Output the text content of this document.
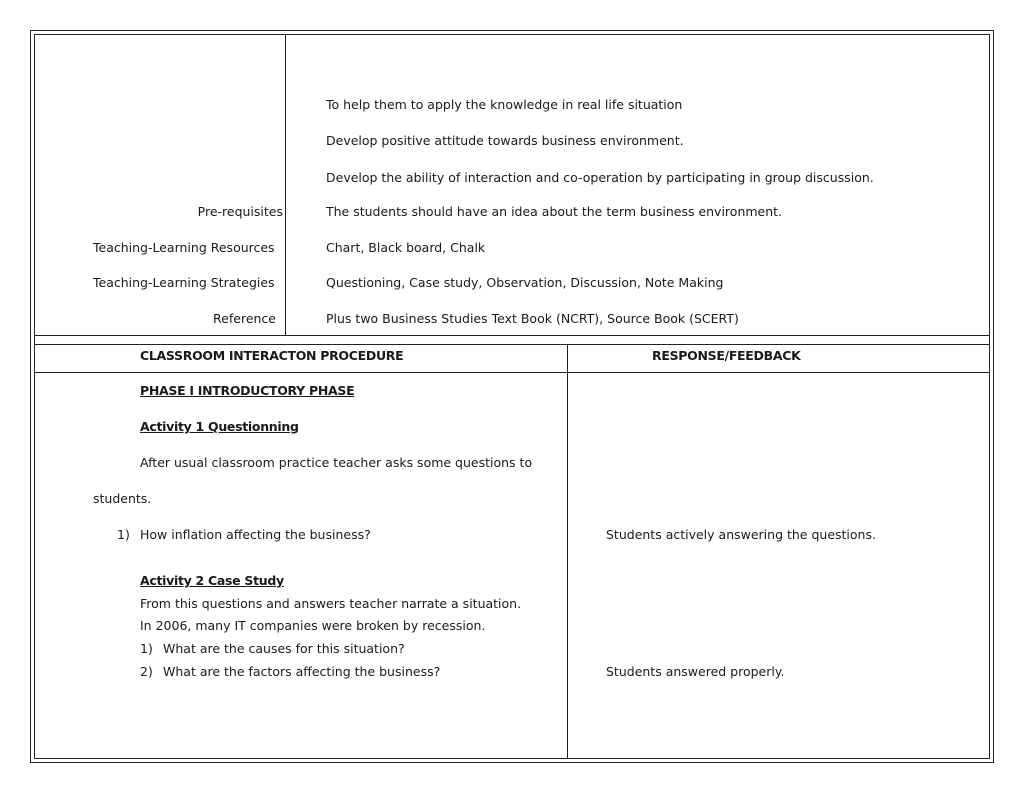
To help them to apply the knowledge in real life situation
Develop positive attitude towards business environment.
Develop the ability of interaction and co-operation by participating in group discussion.
Pre-requisites	The students should have an idea about the term business environment.
Teaching-Learning Resources	Chart, Black board, Chalk
Teaching-Learning Strategies	Questioning, Case study, Observation, Discussion, Note Making
Reference	Plus two Business Studies Text Book (NCRT), Source Book (SCERT)
CLASSROOM INTERACTON PROCEDURE	RESPONSE/FEEDBACK
PHASE I INTRODUCTORY PHASE
Activity 1 Questionning
After usual classroom practice teacher asks some questions to
students.
1) How inflation affecting the business?	Students actively answering the questions.
Activity 2 Case Study
From this questions and answers teacher narrate a situation.
In 2006, many IT companies were broken by recession.
1) What are the causes for this situation?
2) What are the factors affecting the business?	Students answered properly.
